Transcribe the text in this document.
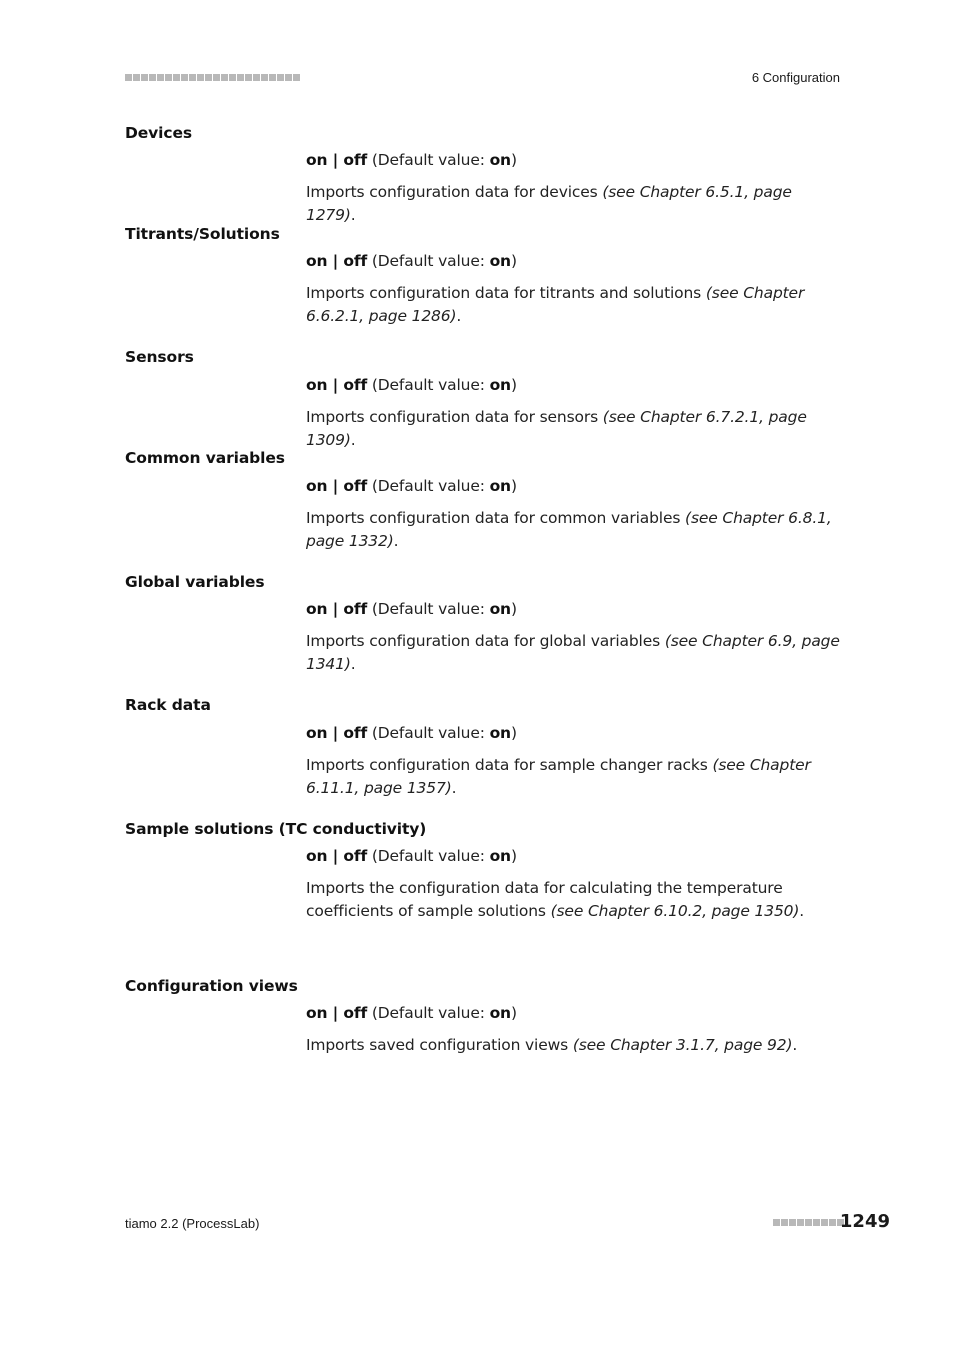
6 Configuration
Devices

on | off (Default value: on)

Imports configuration data for devices (see Chapter 6.5.1, page 1279).

Titrants/Solutions

on | off (Default value: on)

Imports configuration data for titrants and solutions (see Chapter 6.6.2.1, page 1286).

Sensors

on | off (Default value: on)

Imports configuration data for sensors (see Chapter 6.7.2.1, page 1309).

Common variables

on | off (Default value: on)

Imports configuration data for common variables (see Chapter 6.8.1, page 1332).

Global variables

on | off (Default value: on)

Imports configuration data for global variables (see Chapter 6.9, page 1341).

Rack data

on | off (Default value: on)

Imports configuration data for sample changer racks (see Chapter 6.11.1, page 1357).

Sample solutions (TC conductivity)

on | off (Default value: on)

Imports the configuration data for calculating the temperature coefficients of sample solutions (see Chapter 6.10.2, page 1350).

Configuration views

on | off (Default value: on)

Imports saved configuration views (see Chapter 3.1.7, page 92).

tiamo 2.2 (ProcessLab)	1249
